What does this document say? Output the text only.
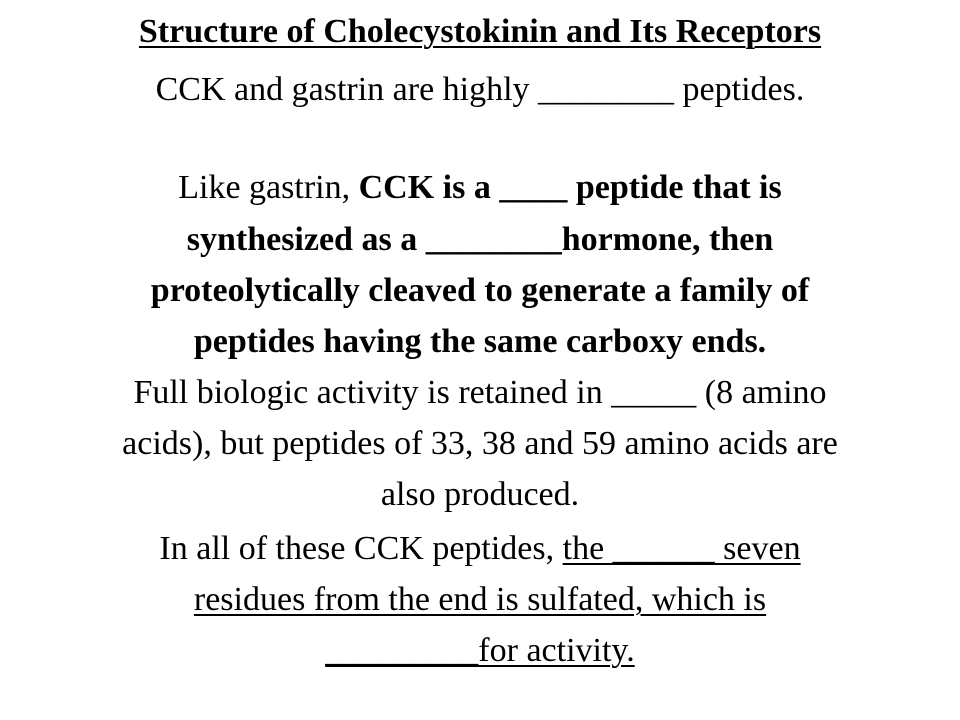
Structure of Cholecystokinin and Its Receptors
CCK and gastrin are highly ________ peptides.
Like gastrin, CCK is a ____ peptide that is
synthesized as a ________hormone, then
proteolytically cleaved to generate a family of
peptides having the same carboxy ends.
Full biologic activity is retained in _____ (8 amino
acids), but peptides of 33, 38 and 59 amino acids are
also produced.
In all of these CCK peptides, the ______ seven
residues from the end is sulfated, which is
_________for activity.
